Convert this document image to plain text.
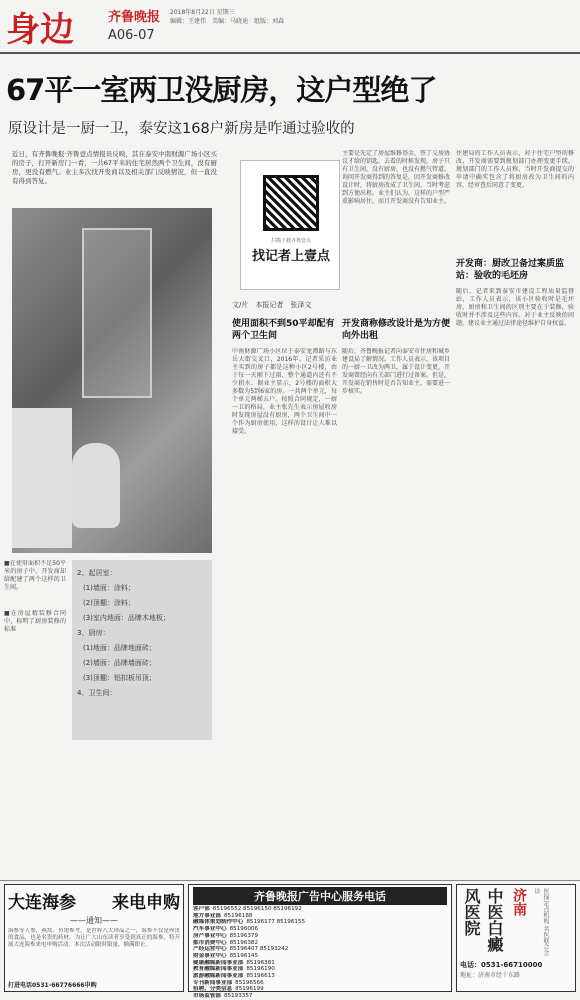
身边	齐鲁晚报 2018年8月22日 星期三
编辑：王建伟　美编：马晓迪　组版：刘森
A06-07
67平一室两卫没厨房，这户型绝了
原设计是一厨一卫，泰安这168户新房是咋通过验收的
近日，有齐鲁晚报·齐鲁壹点情报员反映，其在泰安中南财源广场小区买的房子，打开新房门一看，一共67平米的住宅居然两个卫生间，没有厨房，更没有燃气。业主多次找开发商以及相关部门反映情况，但一直没有得到答复。
■在使用面积不足50平米的房子中，开发商却给配建了两个这样的卫生间。
2、起居室：
(1)墙面：涂料；
(2)顶棚：涂料；
(3)室内地面：品牌木地板；
3、厨房：
(1)地面：品牌地面砖；
(2)墙面：品牌墙面砖；
(3)顶棚：铝扣板吊顶；
4、卫生间：
■在房屋精装修合同中，标明了厨房装修的标准
扫描下载齐鲁壹点
找记者上壹点
文/片　本报记者　张泽文
使用面积不到50平却配有两个卫生间
中南财源广场小区位于泰安龙潭路与东岳大街交叉口，2016年，记者采访业主买到的房子都是这种小区2号楼，由于每一天刚下过雨，整个通道内还有不少积水。据业主显示，2号楼的面积大多数为5到6家的房。一共两个单元，每个单元两梯五户。按照合同规定，一厨一卫的格局，业主张先生表示房屋收房时发现房屋没有厨房，两个卫生间中一个作为厨房使用，这样的设计让人难以接受。
主要是先定了房屋维修基金，签了交房协议才给的钥匙。去看的时候发现，房子只有卫生间，没有厨房，也没有燃气管道。询问开发商得到的答复是，因开发商修改设计时，将厨房改成了卫生间，当时考虑到方便出租。业主们认为，这样的户型严重影响居住，而且开发商没有告知业主。
开发商称修改设计是为方便向外出租
随后，齐鲁晚报记者向泰安市住房和城乡建设局了解情况。工作人员表示，该项目的一厨一卫改为两卫，属于设计变更，开发商曾经向有关部门进行过备案。但是，开发商在销售时是否告知业主，需要进一步核实。
住建局的工作人员表示，对于住宅户型的修改，开发商需要到规划部门办理变更手续。规划部门的工作人员称，当时开发商提交的申请中确实包含了将厨房改为卫生间的内容，经审查后同意了变更。
开发商：厨改卫备过案质监站：验收的毛坯房
随后，记者来到泰安市建设工程质量监督站，工作人员表示，该小区验收时是毛坯房，厨房和卫生间的区别主要在于装修，验收时并不涉及这些内容。对于业主反映的问题，建议业主通过法律途径维护自身权益。
大连海参 来电申购
——通知——
海参等人参，燕窝，鱼翅参考，是世界八大珍品之一，海参不仅是珍贵的食品，也是名贵的药材。为让广大山东读者享受到真正的海参，特开展大连海参来电申购活动。本次活动限时限量，额满即止。
打进电话0531-66776666申购
齐鲁晚报广告中心服务电话
客户部 85196552 85196150 85196192
地方事业部 85196188
融媒体策划制作中心 85196177 85196155
汽车事业中心 85196006
房产事业中心 85196379
都市消费中心 85196382
产经运营中心 85196407 85193242
财金事业中心 85196145
健康融媒新闻事业部 85196381
教育融媒新闻事业部 85196190
旅游融媒新闻事业部 85196613
专刊新闻事业部 85196566
招聘、分类信息 85196199
市场监管部 85193357
中医白癜风医院	济南	医保定点机构 名医联合会诊
电话：0531-66710000
地址：济南市经十东路
